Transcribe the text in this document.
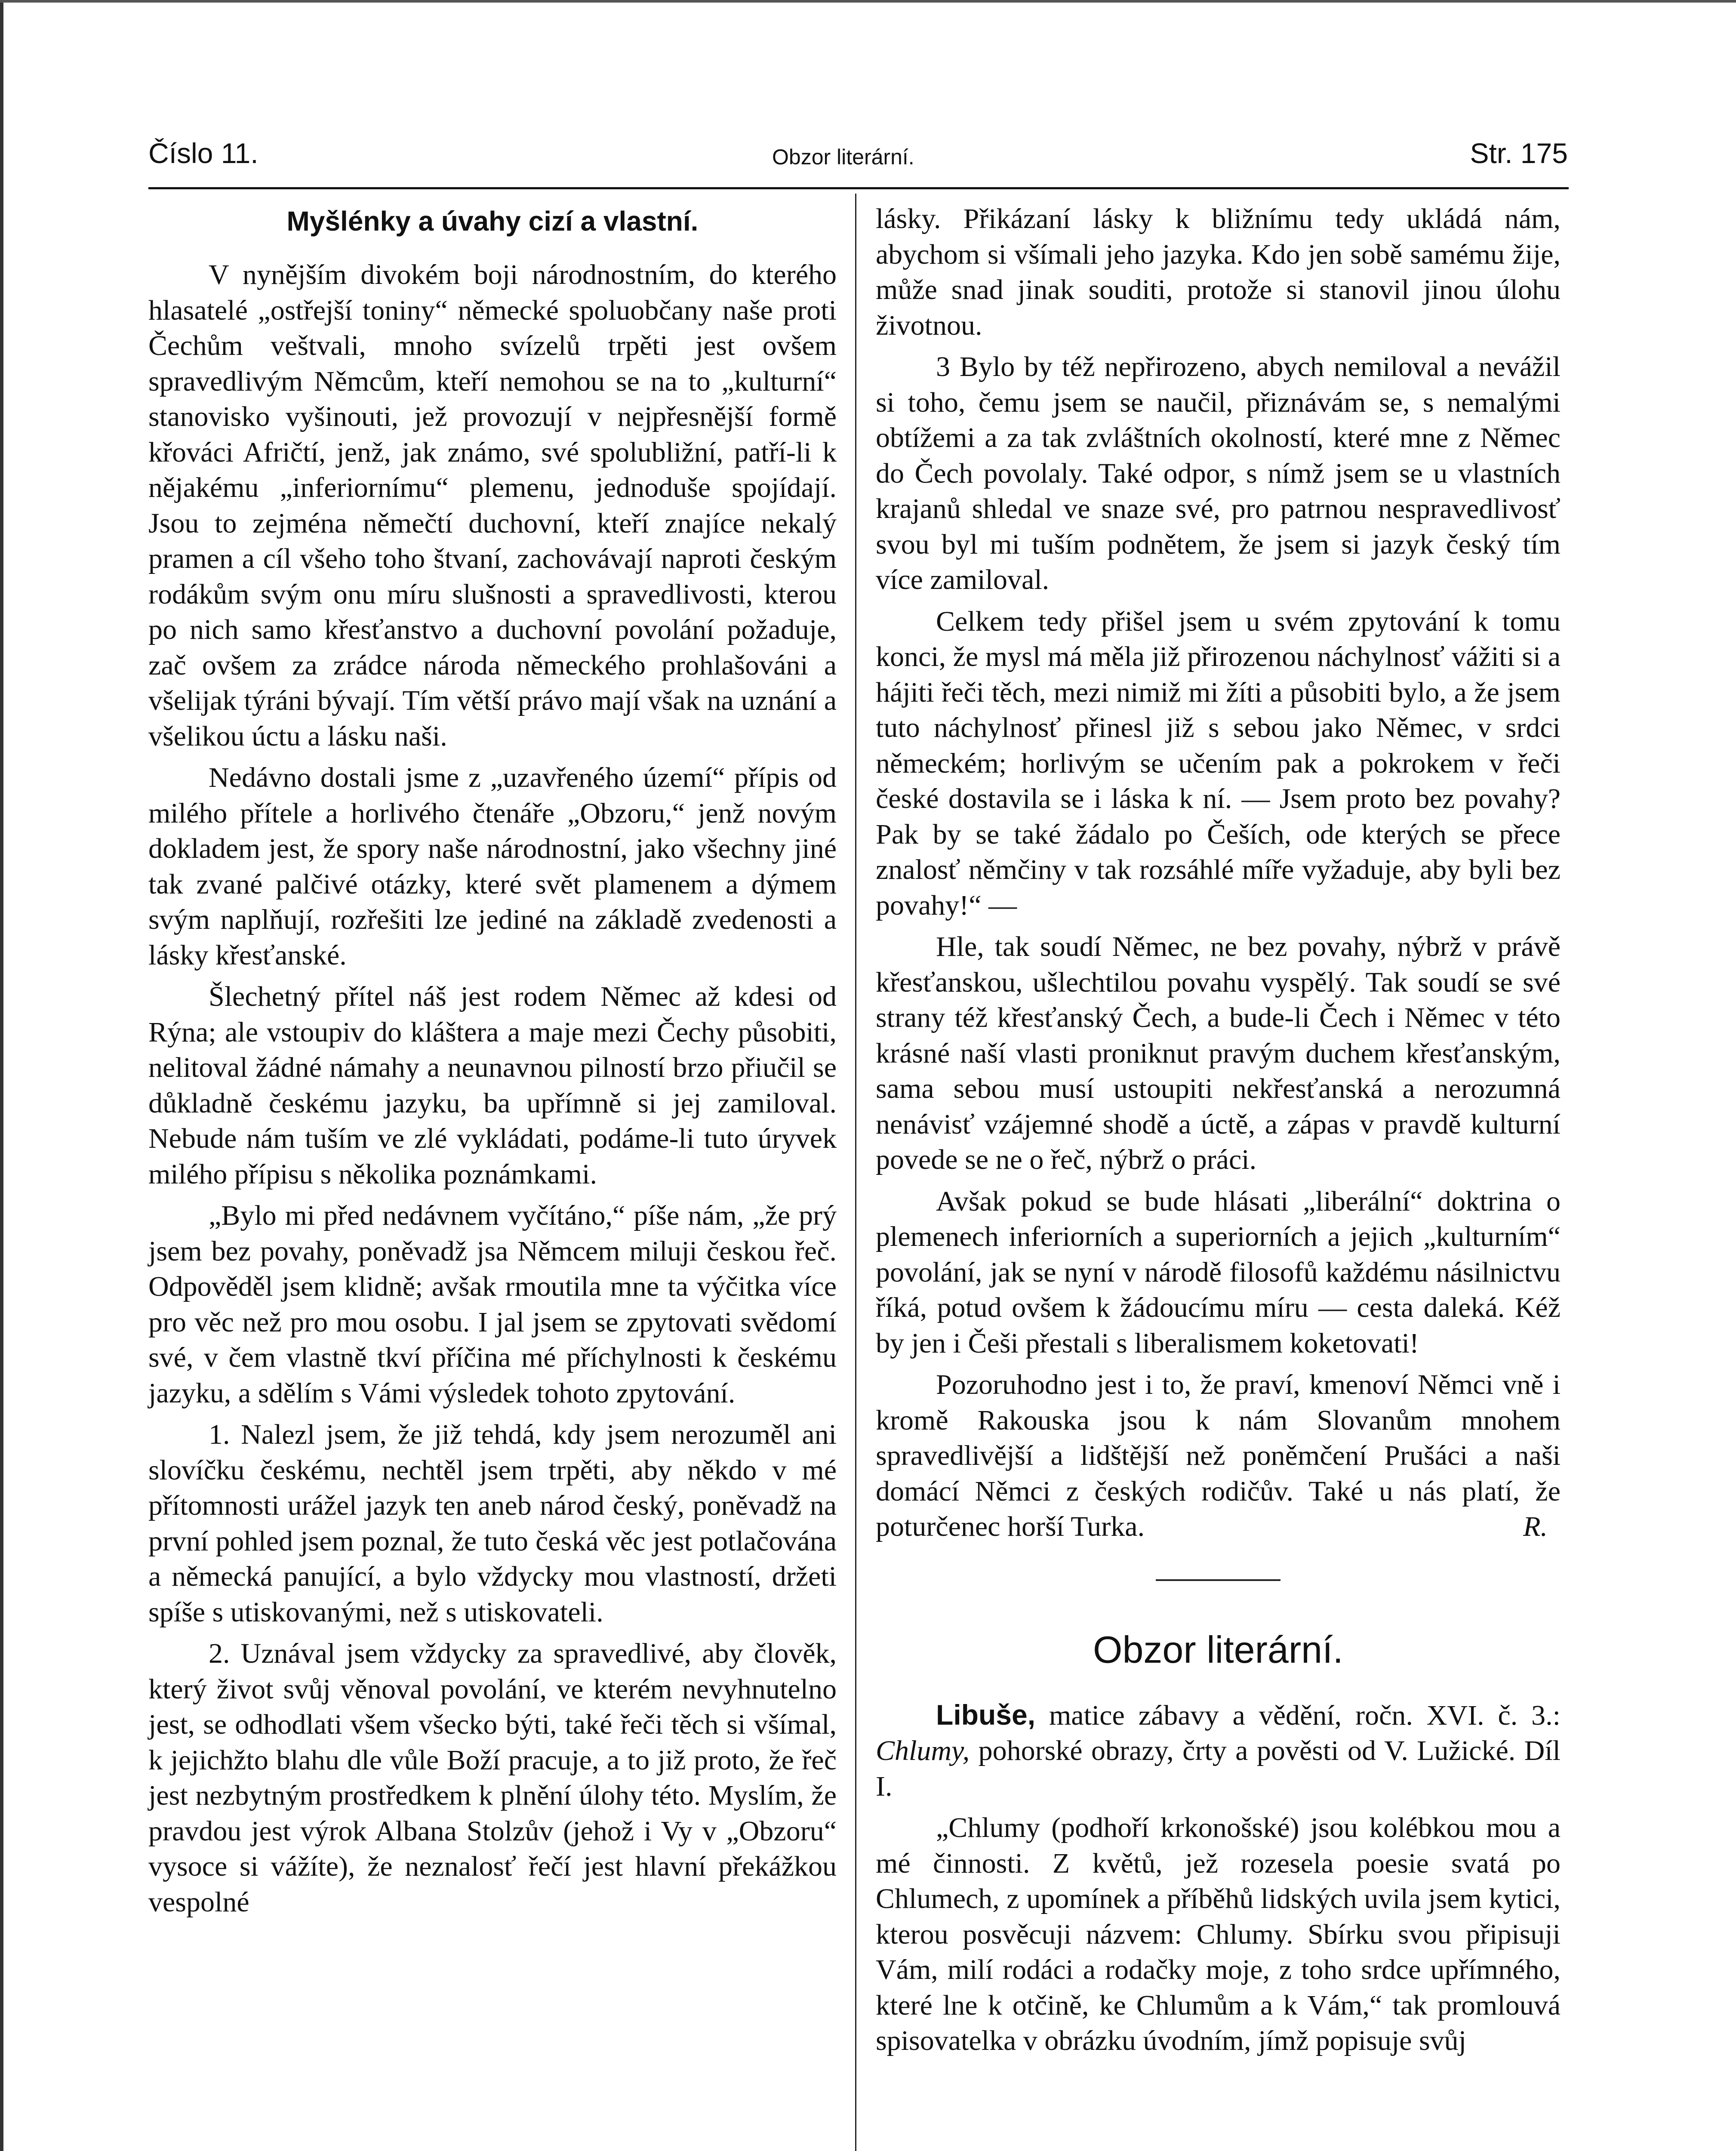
Číslo 11.	Obzor literární.	Str. 175
Myšlénky a úvahy cizí a vlastní.

V nynějším divokém boji národnostním, do kterého hlasatelé „ostřejší toniny“ německé spoluobčany naše proti Čechům veštvali, mnoho svízelů trpěti jest ovšem spravedlivým Němcům, kteří nemohou se na to „kulturní“ stanovisko vyšinouti, jež provozují v nejpřesnější formě křováci Afričtí, jenž, jak známo, své spolubližní, patří-li k nějakému „inferiornímu“ plemenu, jednoduše spojídají. Jsou to zejména němečtí duchovní, kteří znajíce nekalý pramen a cíl všeho toho štvaní, zachovávají naproti českým rodákům svým onu míru slušnosti a spravedlivosti, kterou po nich samo křesťanstvo a duchovní povolání požaduje, zač ovšem za zrádce národa německého prohlašováni a všelijak týráni bývají. Tím větší právo mají však na uznání a všelikou úctu a lásku naši.

Nedávno dostali jsme z „uzavřeného území“ přípis od milého přítele a horlivého čtenáře „Obzoru,“ jenž novým dokladem jest, že spory naše národnostní, jako všechny jiné tak zvané palčivé otázky, které svět plamenem a dýmem svým naplňují, rozřešiti lze jediné na základě zvedenosti a lásky křesťanské.

Šlechetný přítel náš jest rodem Němec až kdesi od Rýna; ale vstoupiv do kláštera a maje mezi Čechy působiti, nelitoval žádné námahy a neunavnou pilností brzo přiučil se důkladně českému jazyku, ba upřímně si jej zamiloval. Nebude nám tuším ve zlé vykládati, podáme-li tuto úryvek milého přípisu s několika poznámkami.

„Bylo mi před nedávnem vyčítáno,“ píše nám, „že prý jsem bez povahy, poněvadž jsa Němcem miluji českou řeč. Odpověděl jsem klidně; avšak rmoutila mne ta výčitka více pro věc než pro mou osobu. I jal jsem se zpytovati svědomí své, v čem vlastně tkví příčina mé příchylnosti k českému jazyku, a sdělím s Vámi výsledek tohoto zpytování.

1. Nalezl jsem, že již tehdá, kdy jsem nerozuměl ani slovíčku českému, nechtěl jsem trpěti, aby někdo v mé přítomnosti urážel jazyk ten aneb národ český, poněvadž na první pohled jsem poznal, že tuto česká věc jest potlačována a německá panující, a bylo vždycky mou vlastností, držeti spíše s utiskovanými, než s utiskovateli.

2. Uznával jsem vždycky za spravedlivé, aby člověk, který život svůj věnoval povolání, ve kterém nevyhnutelno jest, se odhodlati všem všecko býti, také řeči těch si všímal, k jejichžto blahu dle vůle Boží pracuje, a to již proto, že řeč jest nezbytným prostředkem k plnění úlohy této. Myslím, že pravdou jest výrok Albana Stolzův (jehož i Vy v „Obzoru“ vysoce si vážíte), že neznalosť řečí jest hlavní překážkou vespolné

lásky. Přikázaní lásky k bližnímu tedy ukládá nám, abychom si všímali jeho jazyka. Kdo jen sobě samému žije, může snad jinak souditi, protože si stanovil jinou úlohu životnou.

3 Bylo by též nepřirozeno, abych nemiloval a nevážil si toho, čemu jsem se naučil, přiznávám se, s nemalými obtížemi a za tak zvláštních okolností, které mne z Němec do Čech povolaly. Také odpor, s nímž jsem se u vlastních krajanů shledal ve snaze své, pro patrnou nespravedlivosť svou byl mi tuším podnětem, že jsem si jazyk český tím více zamiloval.

Celkem tedy přišel jsem u svém zpytování k tomu konci, že mysl má měla již přirozenou náchylnosť vážiti si a hájiti řeči těch, mezi nimiž mi žíti a působiti bylo, a že jsem tuto náchylnosť přinesl již s sebou jako Němec, v srdci německém; horlivým se učením pak a pokrokem v řeči české dostavila se i láska k ní. — Jsem proto bez povahy? Pak by se také žádalo po Češích, ode kterých se přece znalosť němčiny v tak rozsáhlé míře vyžaduje, aby byli bez povahy!“ —

Hle, tak soudí Němec, ne bez povahy, nýbrž v právě křesťanskou, ušlechtilou povahu vyspělý. Tak soudí se své strany též křesťanský Čech, a bude-li Čech i Němec v této krásné naší vlasti proniknut pravým duchem křesťanským, sama sebou musí ustoupiti nekřesťanská a nerozumná nenávisť vzájemné shodě a úctě, a zápas v pravdě kulturní povede se ne o řeč, nýbrž o práci.

Avšak pokud se bude hlásati „liberální“ doktrina o plemenech inferiorních a superiorních a jejich „kulturním“ povolání, jak se nyní v národě filosofů každému násilnictvu říká, potud ovšem k žádoucímu míru — cesta daleká. Kéž by jen i Češi přestali s liberalismem koketovati!

Pozoruhodno jest i to, že praví, kmenoví Němci vně i kromě Rakouska jsou k nám Slovanům mnohem spravedlivější a lidštější než poněmčení Prušáci a naši domácí Němci z českých rodičův. Také u nás platí, že poturčenec horší Turka.	R.

Obzor literární.

Libuše, matice zábavy a vědění, ročn. XVI. č. 3.: Chlumy, pohorské obrazy, črty a pověsti od V. Lužické. Díl I.

„Chlumy (podhoří krkonošské) jsou kolébkou mou a mé činnosti. Z květů, jež rozesela poesie svatá po Chlumech, z upomínek a příběhů lidských uvila jsem kytici, kterou posvěcuji názvem: Chlumy. Sbírku svou připisuji Vám, milí rodáci a rodačky moje, z toho srdce upřímného, které lne k otčině, ke Chlumům a k Vám,“ tak promlouvá spisovatelka v obrázku úvodním, jímž popisuje svůj
